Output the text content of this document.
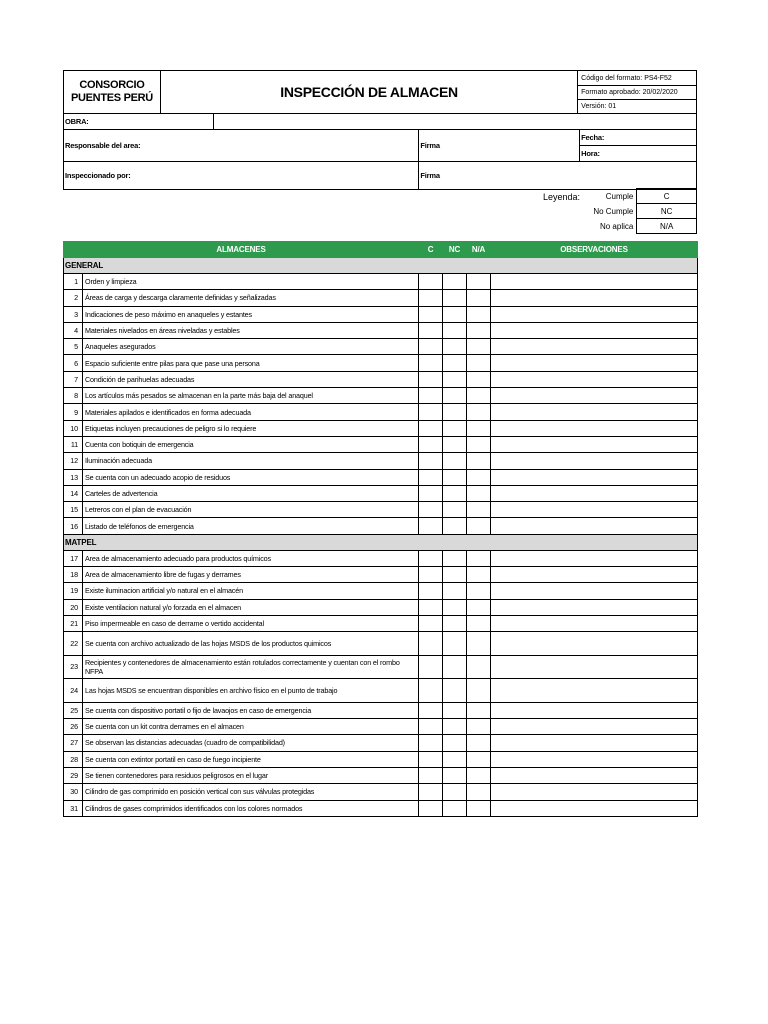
CONSORCIO PUENTES PERÚ	INSPECCIÓN DE ALMACEN	Código del formato: PS4-F52
Formato aprobado: 20/02/2020
Versión: 01
OBRA:			
Responsable del area:		Firma	Fecha:
			Hora:
Inspeccionado por:		Firma	
Leyenda:	Cumple	C
No Cumple	NC
No aplica	N/A
ALMACENES		C	NC	N/A	OBSERVACIONES
GENERAL					
1	Orden y limpieza				
2	Áreas de carga y descarga claramente definidas y señalizadas				
3	Indicaciones de peso máximo en anaqueles y estantes				
4	Materiales nivelados en áreas niveladas y estables				
5	Anaqueles asegurados				
6	Espacio suficiente entre pilas para que pase una persona				
7	Condición de parihuelas adecuadas				
8	Los artículos más pesados se almacenan en la parte más baja del anaquel				
9	Materiales apilados e identificados en forma adecuada				
10	Etiquetas incluyen precauciones de peligro si lo requiere				
11	Cuenta con botiquin de emergencia				
12	Iluminación adecuada				
13	Se cuenta con un adecuado acopio de residuos				
14	Carteles de advertencia				
15	Letreros con el plan de evacuación				
16	Listado de teléfonos de emergencia				
MATPEL					
17	Area de almacenamiento adecuado para productos químicos				
18	Area de almacenamiento libre de fugas y derrames				
19	Existe iluminacion artificial y/o natural en el almacén				
20	Existe ventilacion natural y/o forzada en el almacen				
21	Piso impermeable en caso de derrame o vertido accidental				
22	Se cuenta con archivo actualizado de las hojas MSDS de los productos quimicos				
23	Recipientes y contenedores de almacenamiento están rotulados correctamente y cuentan con el rombo NFPA				
24	Las hojas MSDS se encuentran disponibles en archivo físico en el punto de trabajo				
25	Se cuenta con dispositivo portatil o fijo de lavaojos en caso de emergencia				
26	Se cuenta con un kit contra derrames en el almacen				
27	Se observan las distancias adecuadas (cuadro de compatibilidad)				
28	Se cuenta con extintor portatil en caso de fuego incipiente				
29	Se tienen contenedores para residuos peligrosos en el lugar				
30	Cilindro de gas comprimido en posición vertical con sus válvulas protegidas				
31	Cilindros de gases comprimidos identificados con los colores normados				
